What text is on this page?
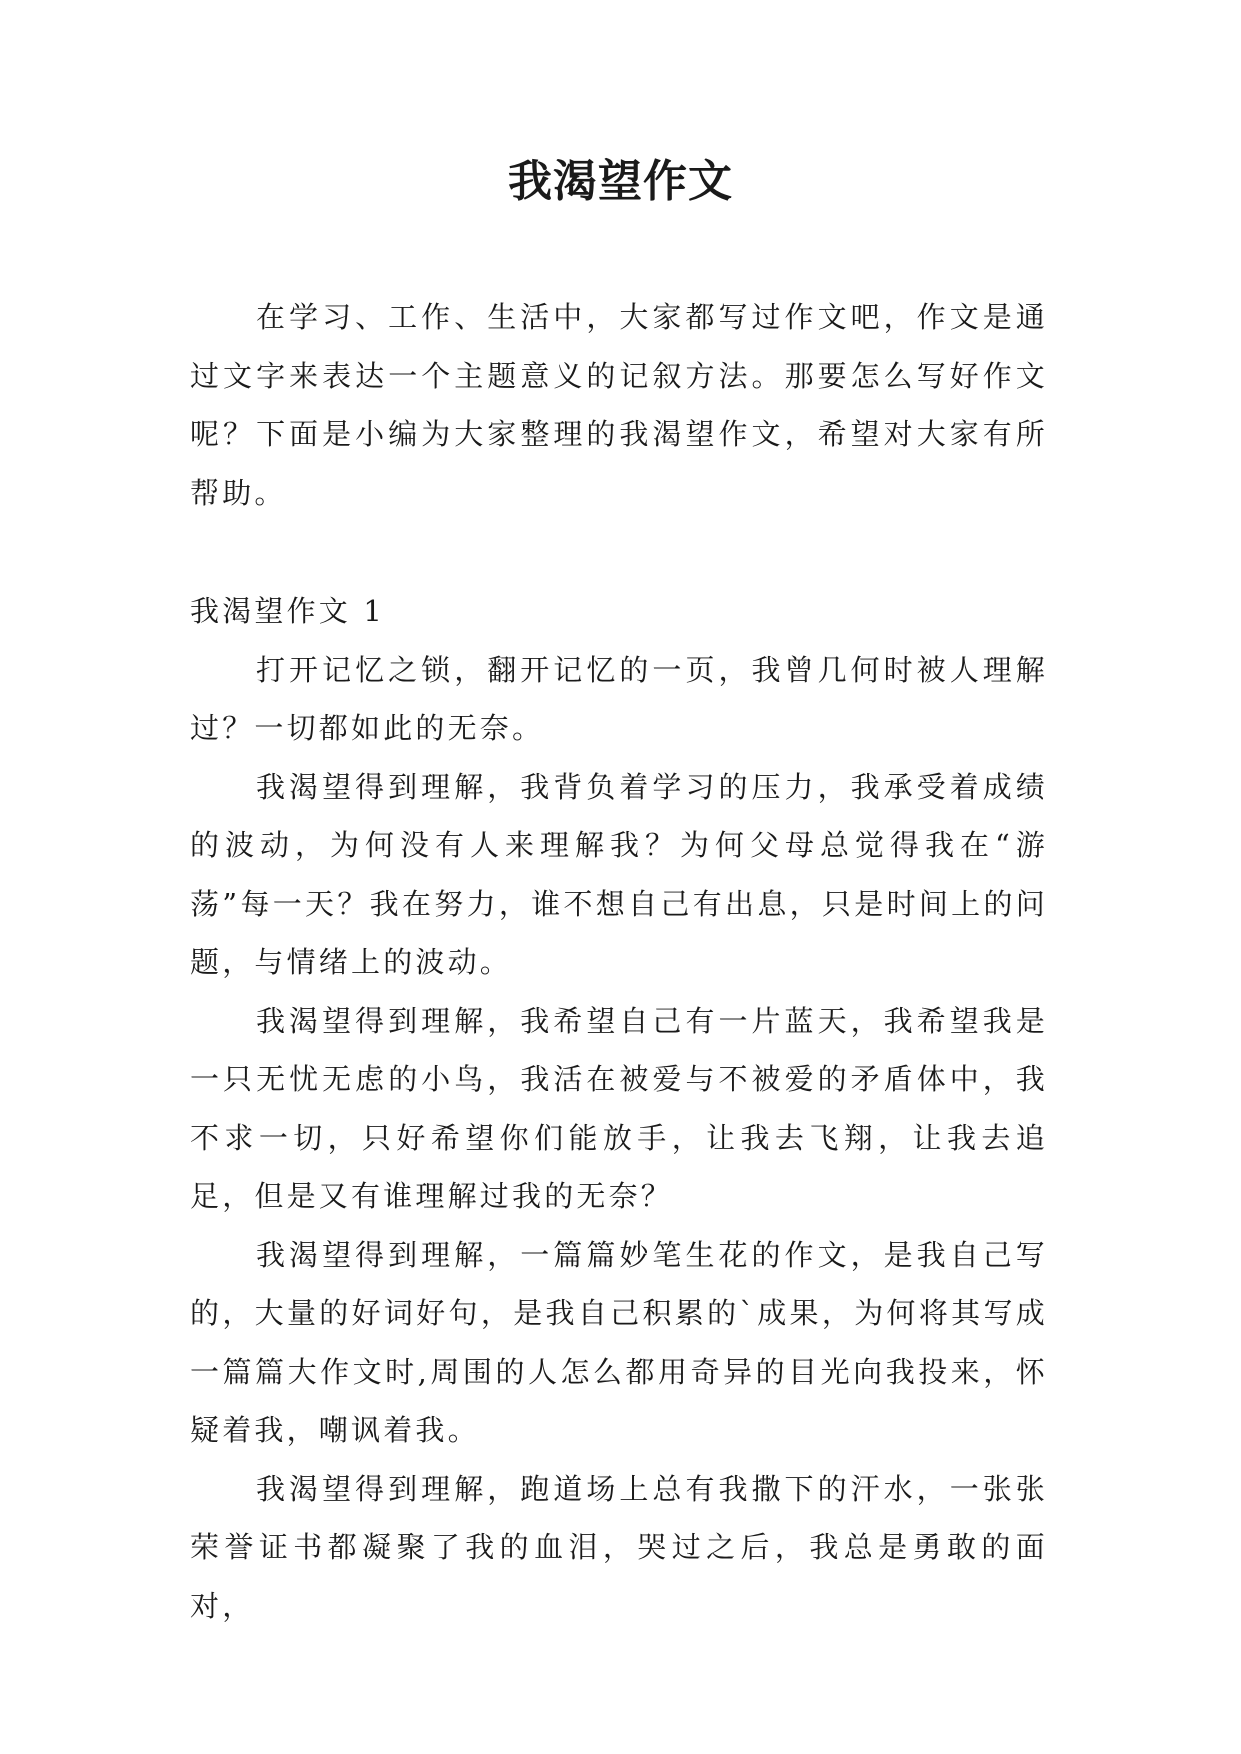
我渴望作文

在学习、工作、生活中，大家都写过作文吧，作文是通过文字来表达一个主题意义的记叙方法。那要怎么写好作文呢？下面是小编为大家整理的我渴望作文，希望对大家有所帮助。

我渴望作文 1

打开记忆之锁，翻开记忆的一页，我曾几何时被人理解过？一切都如此的无奈。

我渴望得到理解，我背负着学习的压力，我承受着成绩的波动，为何没有人来理解我？为何父母总觉得我在“游荡”每一天？我在努力，谁不想自己有出息，只是时间上的问题，与情绪上的波动。

我渴望得到理解，我希望自己有一片蓝天，我希望我是一只无忧无虑的小鸟，我活在被爱与不被爱的矛盾体中，我不求一切，只好希望你们能放手，让我去飞翔，让我去追足，但是又有谁理解过我的无奈？

我渴望得到理解，一篇篇妙笔生花的作文，是我自己写的，大量的好词好句，是我自己积累的`成果，为何将其写成一篇篇大作文时,周围的人怎么都用奇异的目光向我投来，怀疑着我，嘲讽着我。

我渴望得到理解，跑道场上总有我撒下的汗水，一张张荣誉证书都凝聚了我的血泪，哭过之后，我总是勇敢的面对，
